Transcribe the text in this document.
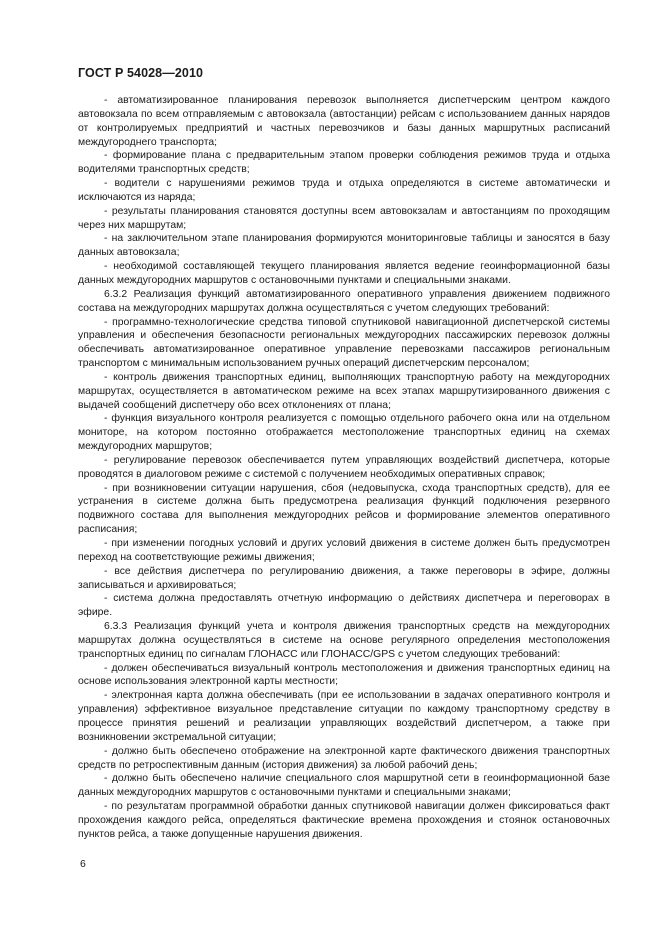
ГОСТ Р 54028—2010

- автоматизированное планирования перевозок выполняется диспетчерским центром каждого автовокзала по всем отправляемым с автовокзала (автостанции) рейсам с использованием данных нарядов от контролируемых предприятий и частных перевозчиков и базы данных маршрутных расписаний междугороднего транспорта;

- формирование плана с предварительным этапом проверки соблюдения режимов труда и отдыха водителями транспортных средств;

- водители с нарушениями режимов труда и отдыха определяются в системе автоматически и исключаются из наряда;

- результаты планирования становятся доступны всем автовокзалам и автостанциям по проходящим через них маршрутам;

- на заключительном этапе планирования формируются мониторинговые таблицы и заносятся в базу данных автовокзала;

- необходимой составляющей текущего планирования является ведение геоинформационной базы данных междугородних маршрутов с остановочными пунктами и специальными знаками.

6.3.2 Реализация функций автоматизированного оперативного управления движением подвижного состава на междугородних маршрутах должна осуществляться с учетом следующих требований:

- программно-технологические средства типовой спутниковой навигационной диспетчерской системы управления и обеспечения безопасности региональных междугородних пассажирских перевозок должны обеспечивать автоматизированное оперативное управление перевозками пассажиров региональным транспортом с минимальным использованием ручных операций диспетчерским персоналом;

- контроль движения транспортных единиц, выполняющих транспортную работу на междугородних маршрутах, осуществляется в автоматическом режиме на всех этапах маршрутизированного движения с выдачей сообщений диспетчеру обо всех отклонениях от плана;

- функция визуального контроля реализуется с помощью отдельного рабочего окна или на отдельном мониторе, на котором постоянно отображается местоположение транспортных единиц на схемах междугородних маршрутов;

- регулирование перевозок обеспечивается путем управляющих воздействий диспетчера, которые проводятся в диалоговом режиме с системой с получением необходимых оперативных справок;

- при возникновении ситуации нарушения, сбоя (недовыпуска, схода транспортных средств), для ее устранения в системе должна быть предусмотрена реализация функций подключения резервного подвижного состава для выполнения междугородних рейсов и формирование элементов оперативного расписания;

- при изменении погодных условий и других условий движения в системе должен быть предусмотрен переход на соответствующие режимы движения;

- все действия диспетчера по регулированию движения, а также переговоры в эфире, должны записываться и архивироваться;

- система должна предоставлять отчетную информацию о действиях диспетчера и переговорах в эфире.

6.3.3 Реализация функций учета и контроля движения транспортных средств на междугородних маршрутах должна осуществляться в системе на основе регулярного определения местоположения транспортных единиц по сигналам ГЛОНАСС или ГЛОНАСС/GPS с учетом следующих требований:

- должен обеспечиваться визуальный контроль местоположения и движения транспортных единиц на основе использования электронной карты местности;

- электронная карта должна обеспечивать (при ее использовании в задачах оперативного контроля и управления) эффективное визуальное представление ситуации по каждому транспортному средству в процессе принятия решений и реализации управляющих воздействий диспетчером, а также при возникновении экстремальной ситуации;

- должно быть обеспечено отображение на электронной карте фактического движения транспортных средств по ретроспективным данным (история движения) за любой рабочий день;

- должно быть обеспечено наличие специального слоя маршрутной сети в геоинформационной базе данных междугородних маршрутов с остановочными пунктами и специальными знаками;

- по результатам программной обработки данных спутниковой навигации должен фиксироваться факт прохождения каждого рейса, определяться фактические времена прохождения и стоянок остановочных пунктов рейса, а также допущенные нарушения движения.

6
